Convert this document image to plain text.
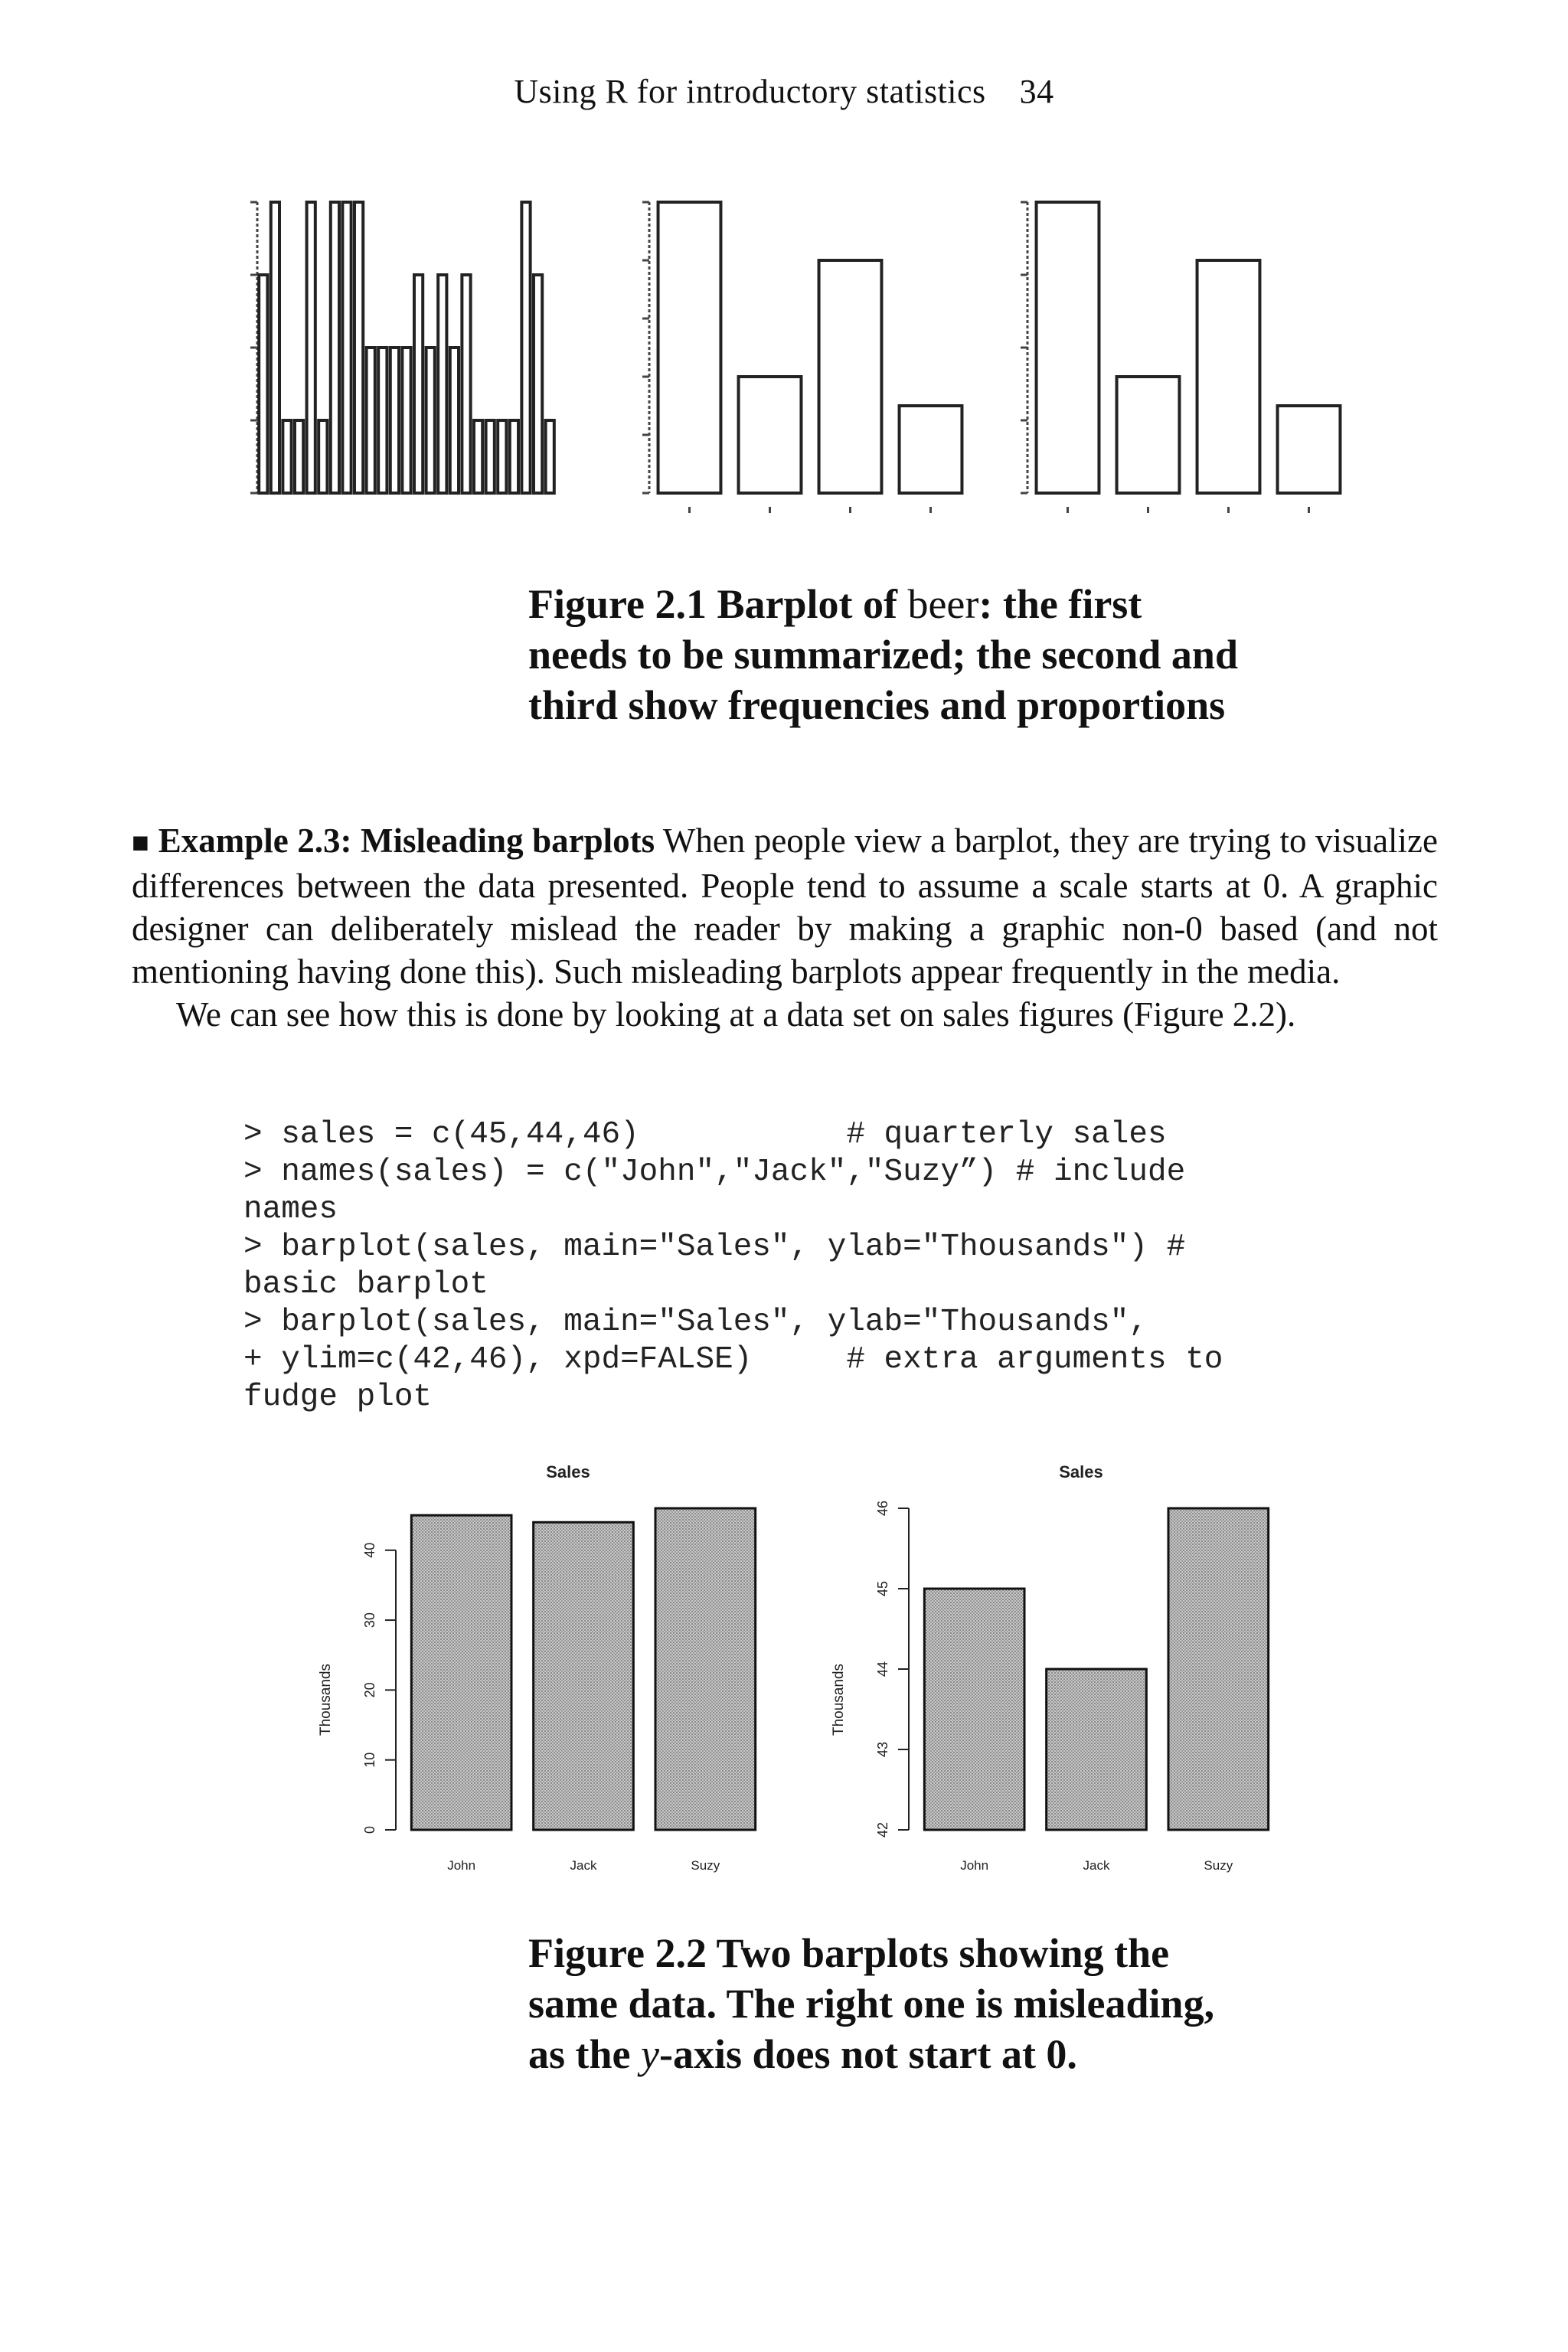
Using R for introductory statistics 34
Figure 2.1 Barplot of beer: the first needs to be summarized; the second and third show frequencies and proportions

■ Example 2.3: Misleading barplots When people view a barplot, they are trying to visualize differences between the data presented. People tend to assume a scale starts at 0. A graphic designer can deliberately mislead the reader by making a graphic non-0 based (and not mentioning having done this). Such misleading barplots appear frequently in the media.

We can see how this is done by looking at a data set on sales figures (Figure 2.2).

> sales = c(45,44,46)           # quarterly sales
> names(sales) = c("John","Jack","Suzy”) # include
names
> barplot(sales, main="Sales", ylab="Thousands") #
basic barplot
> barplot(sales, main="Sales", ylab="Thousands",
+ ylim=c(42,46), xpd=FALSE)     # extra arguments to
fudge plot
Sales
Thousands
0
10
20
30
40
John	Jack	Suzy
Sales
Thousands
42
43
44
45
46
John	Jack	Suzy
Figure 2.2 Two barplots showing the same data. The right one is misleading, as the y-axis does not start at 0.
